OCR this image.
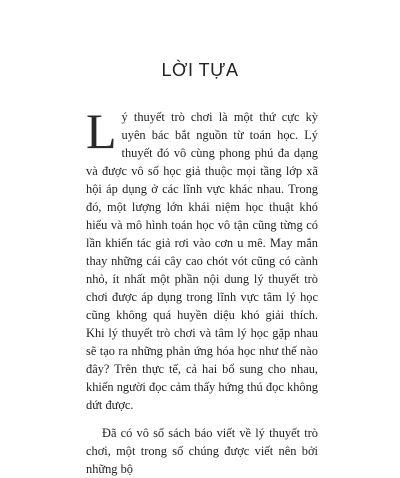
LỜI TỰA

Lý thuyết trò chơi là một thứ cực kỳ uyên bác bắt nguồn từ toán học. Lý thuyết đó vô cùng phong phú đa dạng và được vô số học giả thuộc mọi tầng lớp xã hội áp dụng ở các lĩnh vực khác nhau. Trong đó, một lượng lớn khái niệm học thuật khó hiểu và mô hình toán học vô tận cũng từng có lần khiến tác giả rơi vào cơn u mê. May mắn thay những cái cây cao chót vót cũng có cành nhỏ, ít nhất một phần nội dung lý thuyết trò chơi được áp dụng trong lĩnh vực tâm lý học cũng không quá huyền diệu khó giải thích. Khi lý thuyết trò chơi và tâm lý học gặp nhau sẽ tạo ra những phản ứng hóa học như thế nào đây? Trên thực tế, cả hai bổ sung cho nhau, khiến người đọc cảm thấy hứng thú đọc không dứt được.

Đã có vô số sách báo viết về lý thuyết trò chơi, một trong số chúng được viết nên bởi những bộ
